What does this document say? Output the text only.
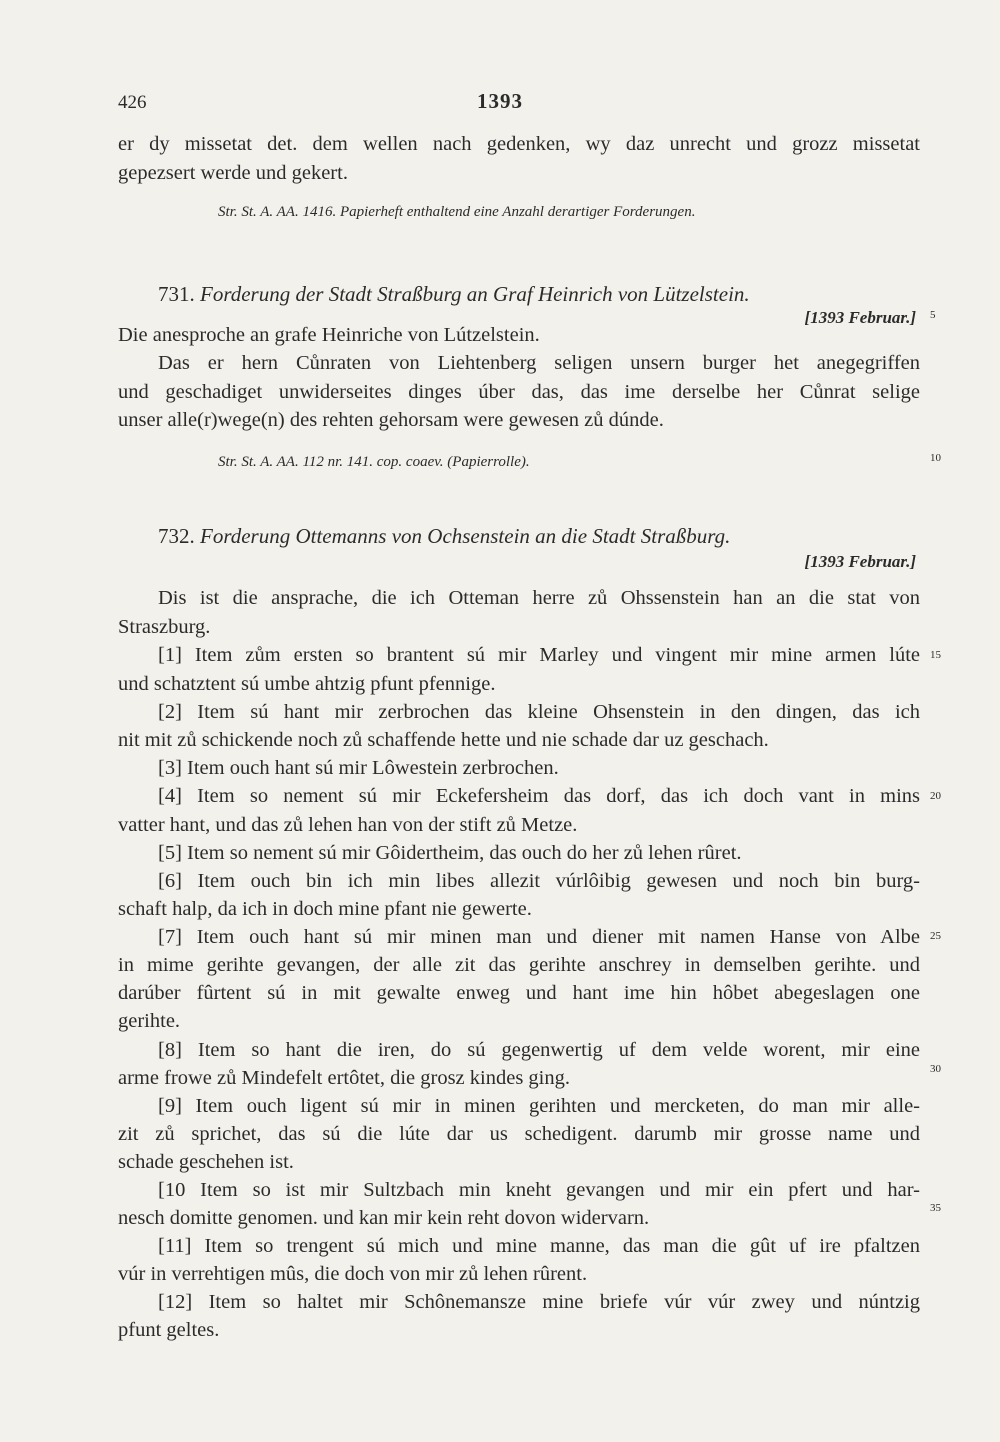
426	1393
er dy missetat det. dem wellen nach gedenken, wy daz unrecht und grozz missetat
gepezsert werde und gekert.
Str. St. A. AA. 1416. Papierheft enthaltend eine Anzahl derartiger Forderungen.
731. Forderung der Stadt Straßburg an Graf Heinrich von Lützelstein.
[1393 Februar.]
Die anesproche an grafe Heinriche von Lútzelstein.
Das er hern Cůnraten von Liehtenberg seligen unsern burger het anegegriffen
und geschadiget unwiderseites dinges úber das, das ime derselbe her Cůnrat selige
unser alle(r)wege(n) des rehten gehorsam were gewesen zů dúnde.
Str. St. A. AA. 112 nr. 141. cop. coaev. (Papierrolle).
732. Forderung Ottemanns von Ochsenstein an die Stadt Straßburg.
[1393 Februar.]
Dis ist die ansprache, die ich Otteman herre zů Ohssenstein han an die stat von
Straszburg.
[1] Item zům ersten so brantent sú mir Marley und vingent mir mine armen lúte
und schatztent sú umbe ahtzig pfunt pfennige.
[2] Item sú hant mir zerbrochen das kleine Ohsenstein in den dingen, das ich
nit mit zů schickende noch zů schaffende hette und nie schade dar uz geschach.
[3] Item ouch hant sú mir Lôwestein zerbrochen.
[4] Item so nement sú mir Eckefersheim das dorf, das ich doch vant in mins
vatter hant, und das zů lehen han von der stift zů Metze.
[5] Item so nement sú mir Gôidertheim, das ouch do her zů lehen rûret.
[6] Item ouch bin ich min libes allezit vúrlôibig gewesen und noch bin burg-
schaft halp, da ich in doch mine pfant nie gewerte.
[7] Item ouch hant sú mir minen man und diener mit namen Hanse von Albe
in mime gerihte gevangen, der alle zit das gerihte anschrey in demselben gerihte. und
darúber fûrtent sú in mit gewalte enweg und hant ime hin hôbet abegeslagen one
gerihte.
[8] Item so hant die iren, do sú gegenwertig uf dem velde worent, mir eine
arme frowe zů Mindefelt ertôtet, die grosz kindes ging.
[9] Item ouch ligent sú mir in minen gerihten und mercketen, do man mir alle-
zit zů sprichet, das sú die lúte dar us schedigent. darumb mir grosse name und
schade geschehen ist.
[10 Item so ist mir Sultzbach min kneht gevangen und mir ein pfert und har-
nesch domitte genomen. und kan mir kein reht dovon widervarn.
[11] Item so trengent sú mich und mine manne, das man die gût uf ire pfaltzen
vúr in verrehtigen mûs, die doch von mir zů lehen rûrent.
[12] Item so haltet mir Schônemansze mine briefe vúr vúr zwey und núntzig
pfunt geltes.
5
10
15
20
25
30
35
